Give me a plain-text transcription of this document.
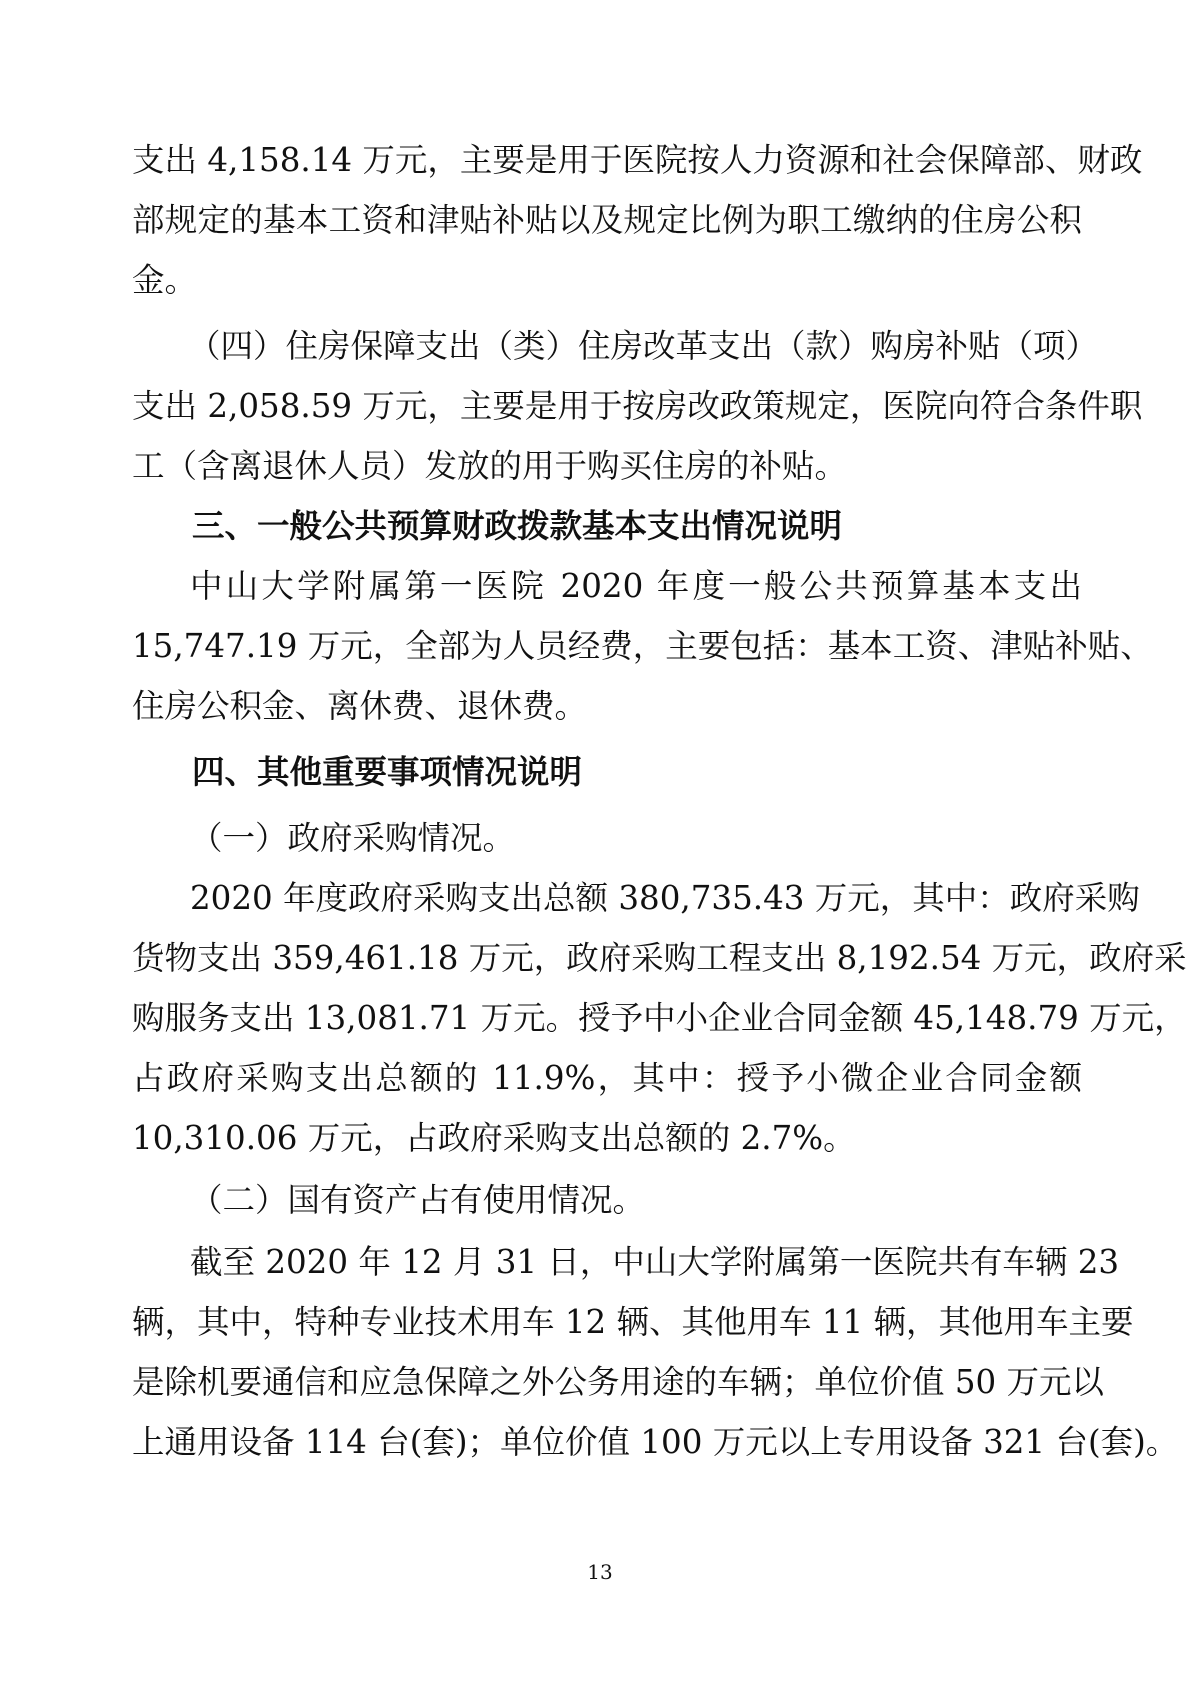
支出 4,158.14 万元，主要是用于医院按人力资源和社会保障部、财政
部规定的基本工资和津贴补贴以及规定比例为职工缴纳的住房公积
金。
（四）住房保障支出（类）住房改革支出（款）购房补贴（项）
支出 2,058.59 万元，主要是用于按房改政策规定，医院向符合条件职
工（含离退休人员）发放的用于购买住房的补贴。
三、一般公共预算财政拨款基本支出情况说明
中山大学附属第一医院 2020 年度一般公共预算基本支出
15,747.19 万元，全部为人员经费，主要包括：基本工资、津贴补贴、
住房公积金、离休费、退休费。
四、其他重要事项情况说明
（一）政府采购情况。
2020 年度政府采购支出总额 380,735.43 万元，其中：政府采购
货物支出 359,461.18 万元，政府采购工程支出 8,192.54 万元，政府采
购服务支出 13,081.71 万元。授予中小企业合同金额 45,148.79 万元，
占政府采购支出总额的 11.9%，其中：授予小微企业合同金额
10,310.06 万元，占政府采购支出总额的 2.7%。
（二）国有资产占有使用情况。
截至 2020 年 12 月 31 日，中山大学附属第一医院共有车辆 23
辆，其中，特种专业技术用车 12 辆、其他用车 11 辆，其他用车主要
是除机要通信和应急保障之外公务用途的车辆；单位价值 50 万元以
上通用设备 114 台(套)；单位价值 100 万元以上专用设备 321 台(套)。
13
